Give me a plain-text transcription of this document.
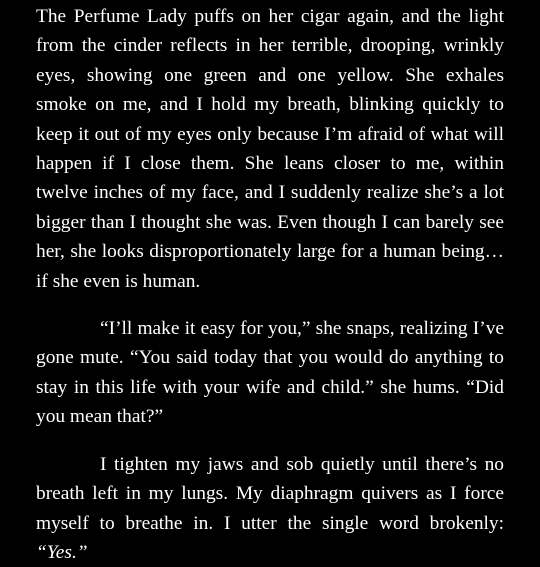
The Perfume Lady puffs on her cigar again, and the light from the cinder reflects in her terrible, drooping, wrinkly eyes, showing one green and one yellow. She exhales smoke on me, and I hold my breath, blinking quickly to keep it out of my eyes only because I’m afraid of what will happen if I close them. She leans closer to me, within twelve inches of my face, and I suddenly realize she’s a lot bigger than I thought she was. Even though I can barely see her, she looks disproportionately large for a human being… if she even is human.

“I’ll make it easy for you,” she snaps, realizing I’ve gone mute. “You said today that you would do anything to stay in this life with your wife and child.” she hums. “Did you mean that?”

I tighten my jaws and sob quietly until there’s no breath left in my lungs. My diaphragm quivers as I force myself to breathe in. I utter the single word brokenly: “Yes.”
